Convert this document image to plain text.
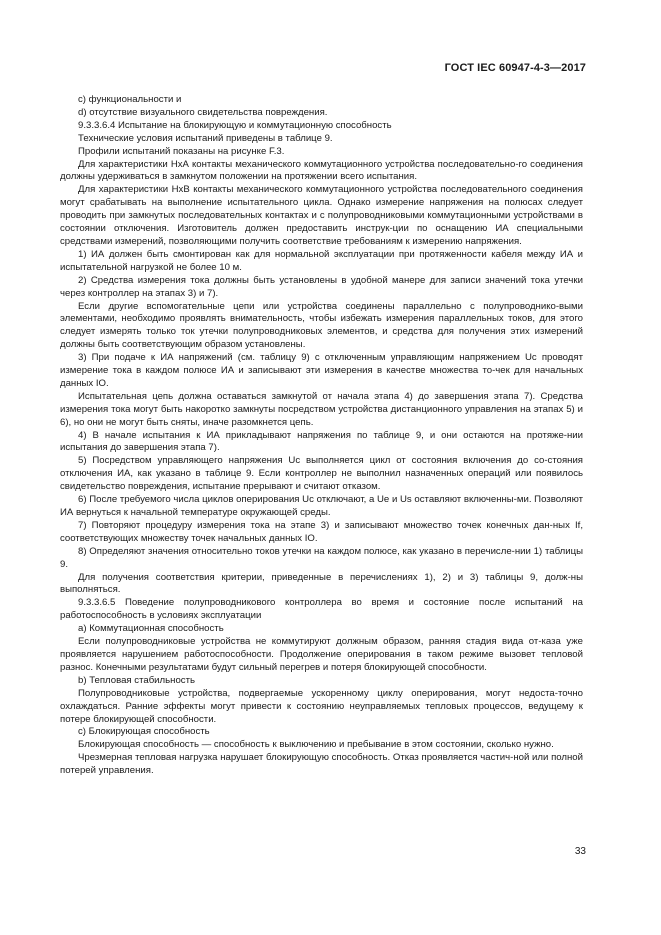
ГОСТ IEC 60947-4-3—2017

c) функциональности и

d) отсутствие визуального свидетельства повреждения.

9.3.3.6.4 Испытание на блокирующую и коммутационную способность

Технические условия испытаний приведены в таблице 9.

Профили испытаний показаны на рисунке F.3.

Для характеристики НхА контакты механического коммутационного устройства последовательно-го соединения должны удерживаться в замкнутом положении на протяжении всего испытания.

Для характеристики НхВ контакты механического коммутационного устройства последовательного соединения могут срабатывать на выполнение испытательного цикла. Однако измерение напряжения на полюсах следует проводить при замкнутых последовательных контактах и с полупроводниковыми коммутационными устройствами в состоянии отключения. Изготовитель должен предоставить инструк-ции по оснащению ИА специальными средствами измерений, позволяющими получить соответствие требованиям к измерению напряжения.

1) ИА должен быть смонтирован как для нормальной эксплуатации при протяженности кабеля между ИА и испытательной нагрузкой не более 10 м.

2) Средства измерения тока должны быть установлены в удобной манере для записи значений тока утечки через контроллер на этапах 3) и 7).

Если другие вспомогательные цепи или устройства соединены параллельно с полупроводнико-выми элементами, необходимо проявлять внимательность, чтобы избежать измерения параллельных токов, для этого следует измерять только ток утечки полупроводниковых элементов, и средства для получения этих измерений должны быть соответствующим образом установлены.

3) При подаче к ИА напряжений (см. таблицу 9) с отключенным управляющим напряжением Uc проводят измерение тока в каждом полюсе ИА и записывают эти измерения в качестве множества то-чек для начальных данных IO.

Испытательная цепь должна оставаться замкнутой от начала этапа 4) до завершения этапа 7). Средства измерения тока могут быть накоротко замкнуты посредством устройства дистанционного управления на этапах 5) и 6), но они не могут быть сняты, иначе разомкнется цепь.

4) В начале испытания к ИА прикладывают напряжения по таблице 9, и они остаются на протяже-нии испытания до завершения этапа 7).

5) Посредством управляющего напряжения Uc выполняется цикл от состояния включения до со-стояния отключения ИА, как указано в таблице 9. Если контроллер не выполнил назначенных операций или появилось свидетельство повреждения, испытание прерывают и считают отказом.

6) После требуемого числа циклов оперирования Uc отключают, а Ue и Us оставляют включенны-ми. Позволяют ИА вернуться к начальной температуре окружающей среды.

7) Повторяют процедуру измерения тока на этапе 3) и записывают множество точек конечных дан-ных If, соответствующих множеству точек начальных данных IO.

8) Определяют значения относительно токов утечки на каждом полюсе, как указано в перечисле-нии 1) таблицы 9.

Для получения соответствия критерии, приведенные в перечислениях 1), 2) и 3) таблицы 9, долж-ны выполняться.

9.3.3.6.5 Поведение полупроводникового контроллера во время и состояние после испытаний на работоспособность в условиях эксплуатации

a) Коммутационная способность

Если полупроводниковые устройства не коммутируют должным образом, ранняя стадия вида от-каза уже проявляется нарушением работоспособности. Продолжение оперирования в таком режиме вызовет тепловой разнос. Конечными результатами будут сильный перегрев и потеря блокирующей способности.

b) Тепловая стабильность

Полупроводниковые устройства, подвергаемые ускоренному циклу оперирования, могут недоста-точно охлаждаться. Ранние эффекты могут привести к состоянию неуправляемых тепловых процессов, ведущему к потере блокирующей способности.

c) Блокирующая способность

Блокирующая способность — способность к выключению и пребывание в этом состоянии, сколько нужно.

Чрезмерная тепловая нагрузка нарушает блокирующую способность. Отказ проявляется частич-ной или полной потерей управления.

33
